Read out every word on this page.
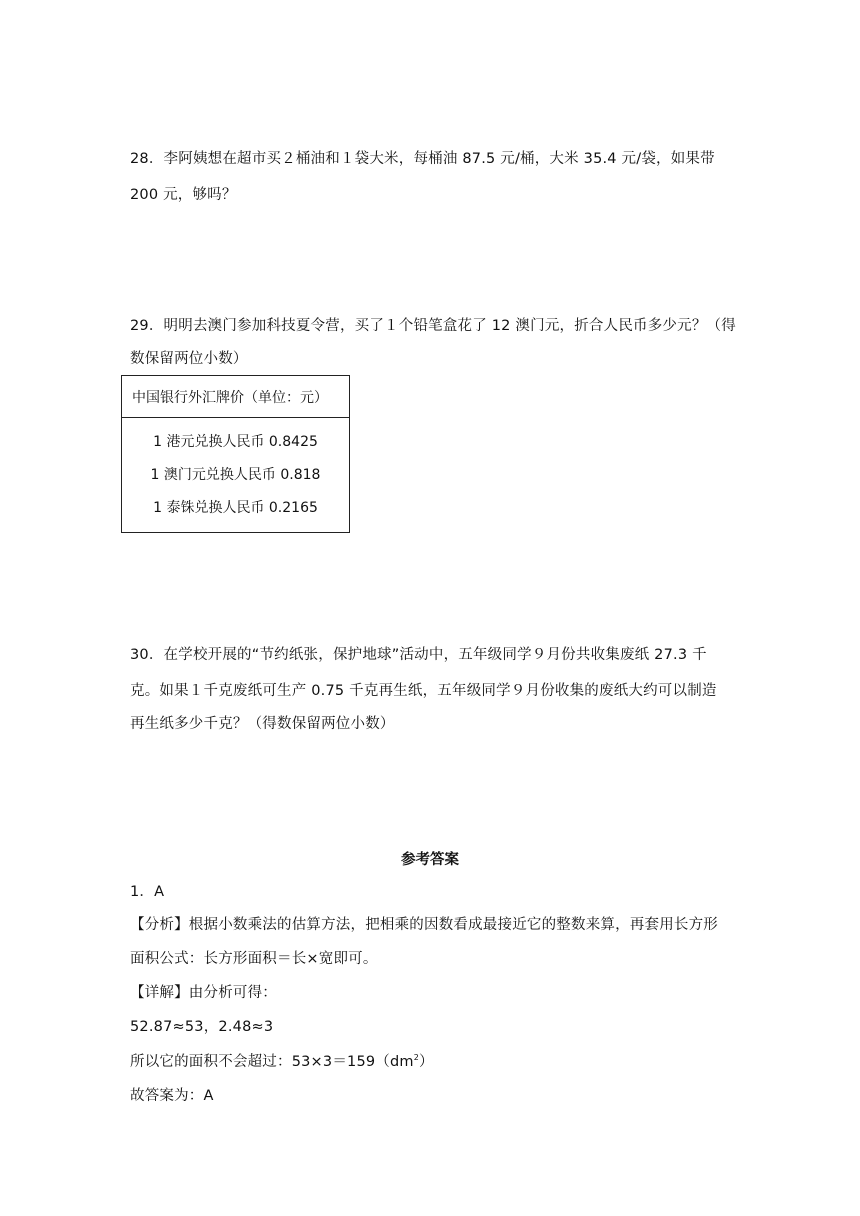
28．李阿姨想在超市买２桶油和１袋大米，每桶油 87.5 元/桶，大米 35.4 元/袋，如果带
200 元，够吗？
29．明明去澳门参加科技夏令营，买了１个铅笔盒花了 12 澳门元，折合人民币多少元？（得
数保留两位小数）
中国银行外汇牌价（单位：元）
1 港元兑换人民币 0.8425
1 澳门元兑换人民币 0.818
1 泰铢兑换人民币 0.2165
30．在学校开展的“节约纸张，保护地球”活动中，五年级同学９月份共收集废纸 27.3 千
克。如果１千克废纸可生产 0.75 千克再生纸，五年级同学９月份收集的废纸大约可以制造
再生纸多少千克？（得数保留两位小数）
参考答案
1．A
【分析】根据小数乘法的估算方法，把相乘的因数看成最接近它的整数来算，再套用长方形
面积公式：长方形面积＝长×宽即可。
【详解】由分析可得：
52.87≈53，2.48≈3
所以它的面积不会超过：$53\times 3=159(dm^2)$
故答案为：A
